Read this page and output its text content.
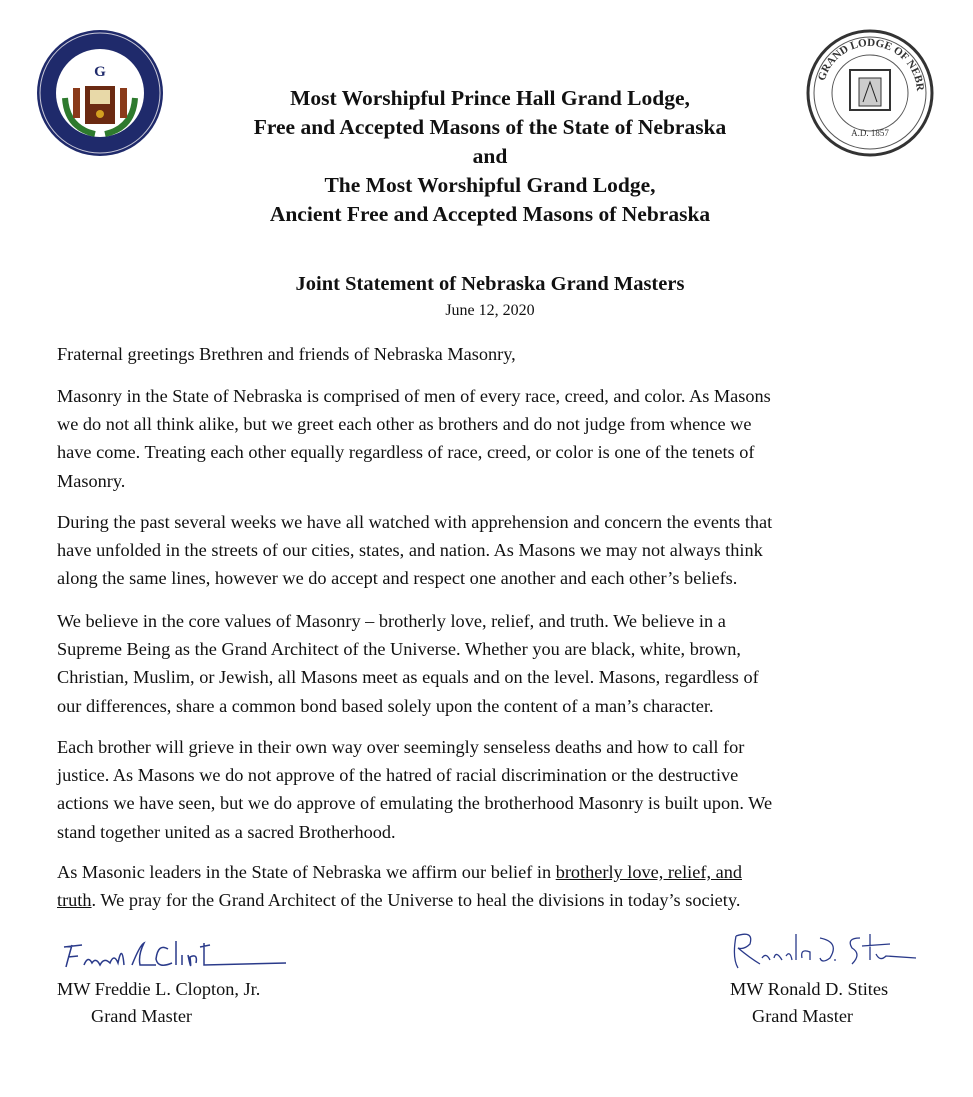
G	GRAND LODGE OF NEBR
A.D. 1857
Most Worshipful Prince Hall Grand Lodge,
Free and Accepted Masons of the State of Nebraska
and
The Most Worshipful Grand Lodge,
Ancient Free and Accepted Masons of Nebraska
Joint Statement of Nebraska Grand Masters
June 12, 2020
Fraternal greetings Brethren and friends of Nebraska Masonry,
Masonry in the State of Nebraska is comprised of men of every race, creed, and color. As Masons
we do not all think alike, but we greet each other as brothers and do not judge from whence we
have come. Treating each other equally regardless of race, creed, or color is one of the tenets of
Masonry.
During the past several weeks we have all watched with apprehension and concern the events that
have unfolded in the streets of our cities, states, and nation. As Masons we may not always think
along the same lines, however we do accept and respect one another and each other’s beliefs.
We believe in the core values of Masonry – brotherly love, relief, and truth. We believe in a
Supreme Being as the Grand Architect of the Universe. Whether you are black, white, brown,
Christian, Muslim, or Jewish, all Masons meet as equals and on the level. Masons, regardless of
our differences, share a common bond based solely upon the content of a man’s character.
Each brother will grieve in their own way over seemingly senseless deaths and how to call for
justice. As Masons we do not approve of the hatred of racial discrimination or the destructive
actions we have seen, but we do approve of emulating the brotherhood Masonry is built upon. We
stand together united as a sacred Brotherhood.
As Masonic leaders in the State of Nebraska we affirm our belief in brotherly love, relief, and
truth. We pray for the Grand Architect of the Universe to heal the divisions in today’s society.
MW Freddie L. Clopton, Jr.
Grand Master
MW Ronald D. Stites
Grand Master
